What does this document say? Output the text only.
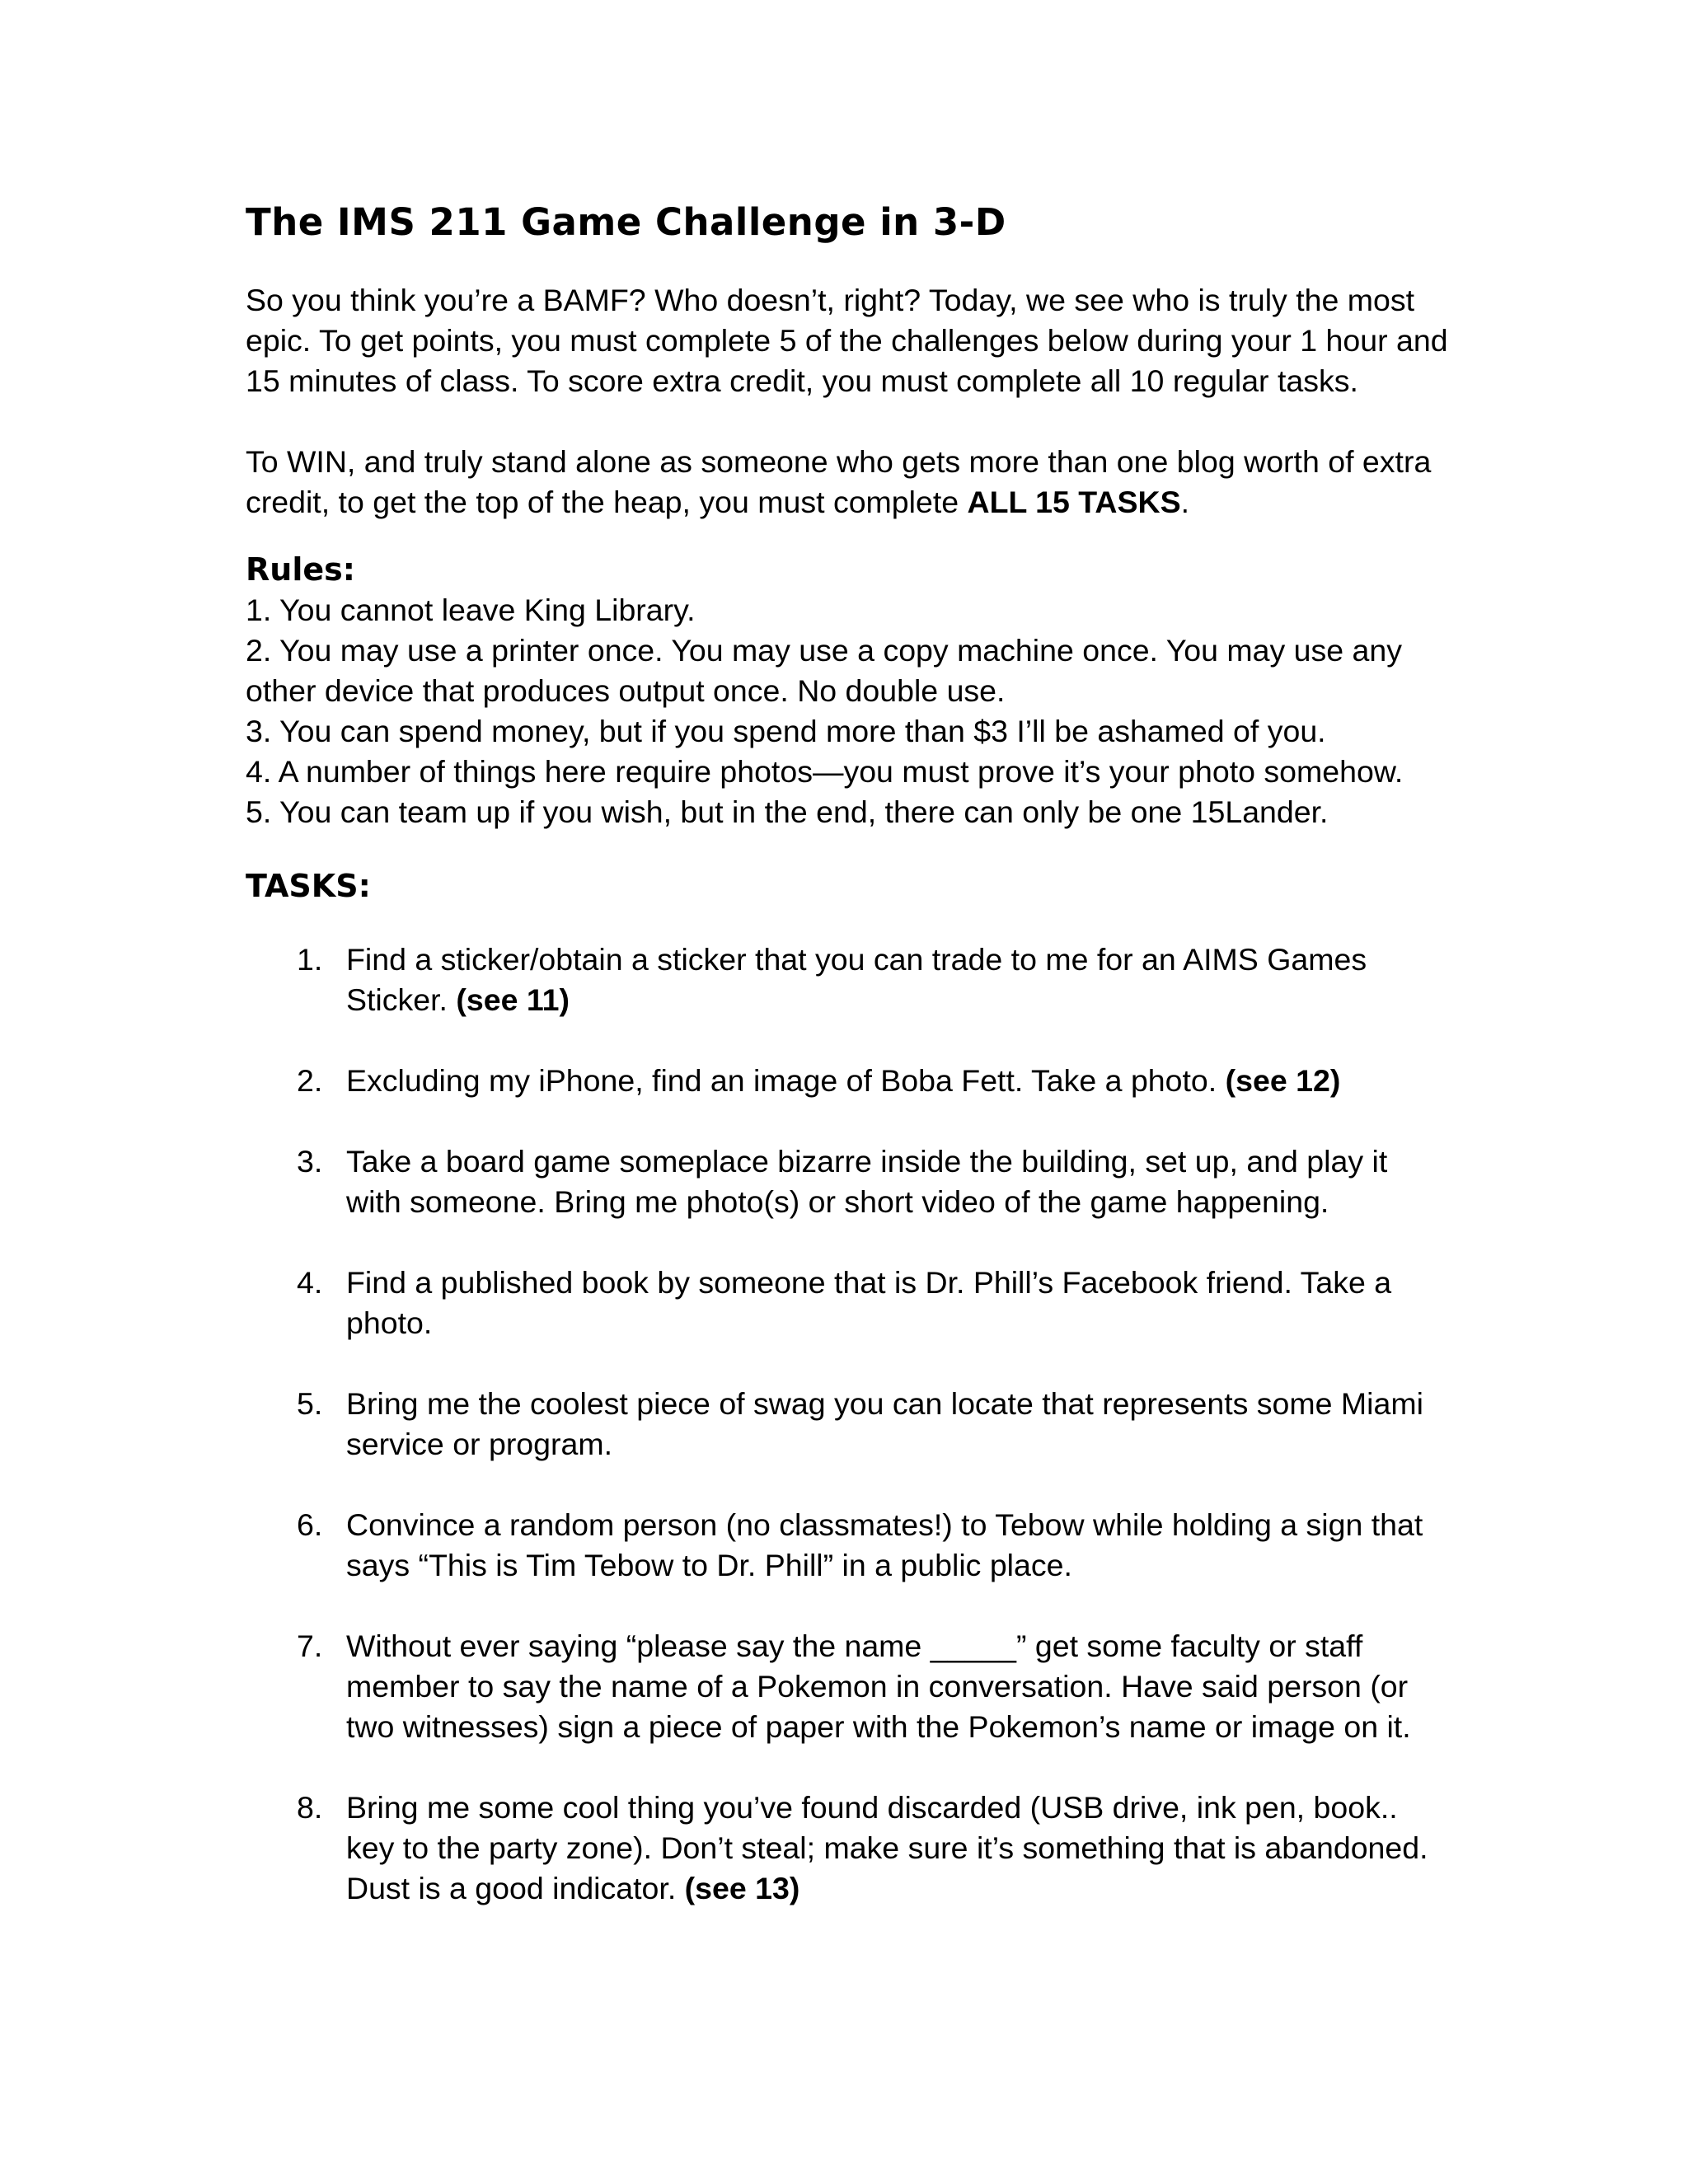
The IMS 211 Game Challenge in 3-D

So you think you’re a BAMF? Who doesn’t, right? Today, we see who is truly the most epic. To get points, you must complete 5 of the challenges below during your 1 hour and 15 minutes of class. To score extra credit, you must complete all 10 regular tasks.

To WIN, and truly stand alone as someone who gets more than one blog worth of extra credit, to get the top of the heap, you must complete ALL 15 TASKS.

Rules:
1. You cannot leave King Library.
2. You may use a printer once. You may use a copy machine once. You may use any other device that produces output once. No double use.
3. You can spend money, but if you spend more than $3 I’ll be ashamed of you.
4. A number of things here require photos—you must prove it’s your photo somehow.
5. You can team up if you wish, but in the end, there can only be one 15Lander.
TASKS:
1. Find a sticker/obtain a sticker that you can trade to me for an AIMS Games Sticker. (see 11)
2. Excluding my iPhone, find an image of Boba Fett. Take a photo. (see 12)
3. Take a board game someplace bizarre inside the building, set up, and play it with someone. Bring me photo(s) or short video of the game happening.
4. Find a published book by someone that is Dr. Phill’s Facebook friend. Take a photo.
5. Bring me the coolest piece of swag you can locate that represents some Miami service or program.
6. Convince a random person (no classmates!) to Tebow while holding a sign that says “This is Tim Tebow to Dr. Phill” in a public place.
7. Without ever saying “please say the name _____” get some faculty or staff member to say the name of a Pokemon in conversation. Have said person (or two witnesses) sign a piece of paper with the Pokemon’s name or image on it.
8. Bring me some cool thing you’ve found discarded (USB drive, ink pen, book.. key to the party zone). Don’t steal; make sure it’s something that is abandoned. Dust is a good indicator. (see 13)
